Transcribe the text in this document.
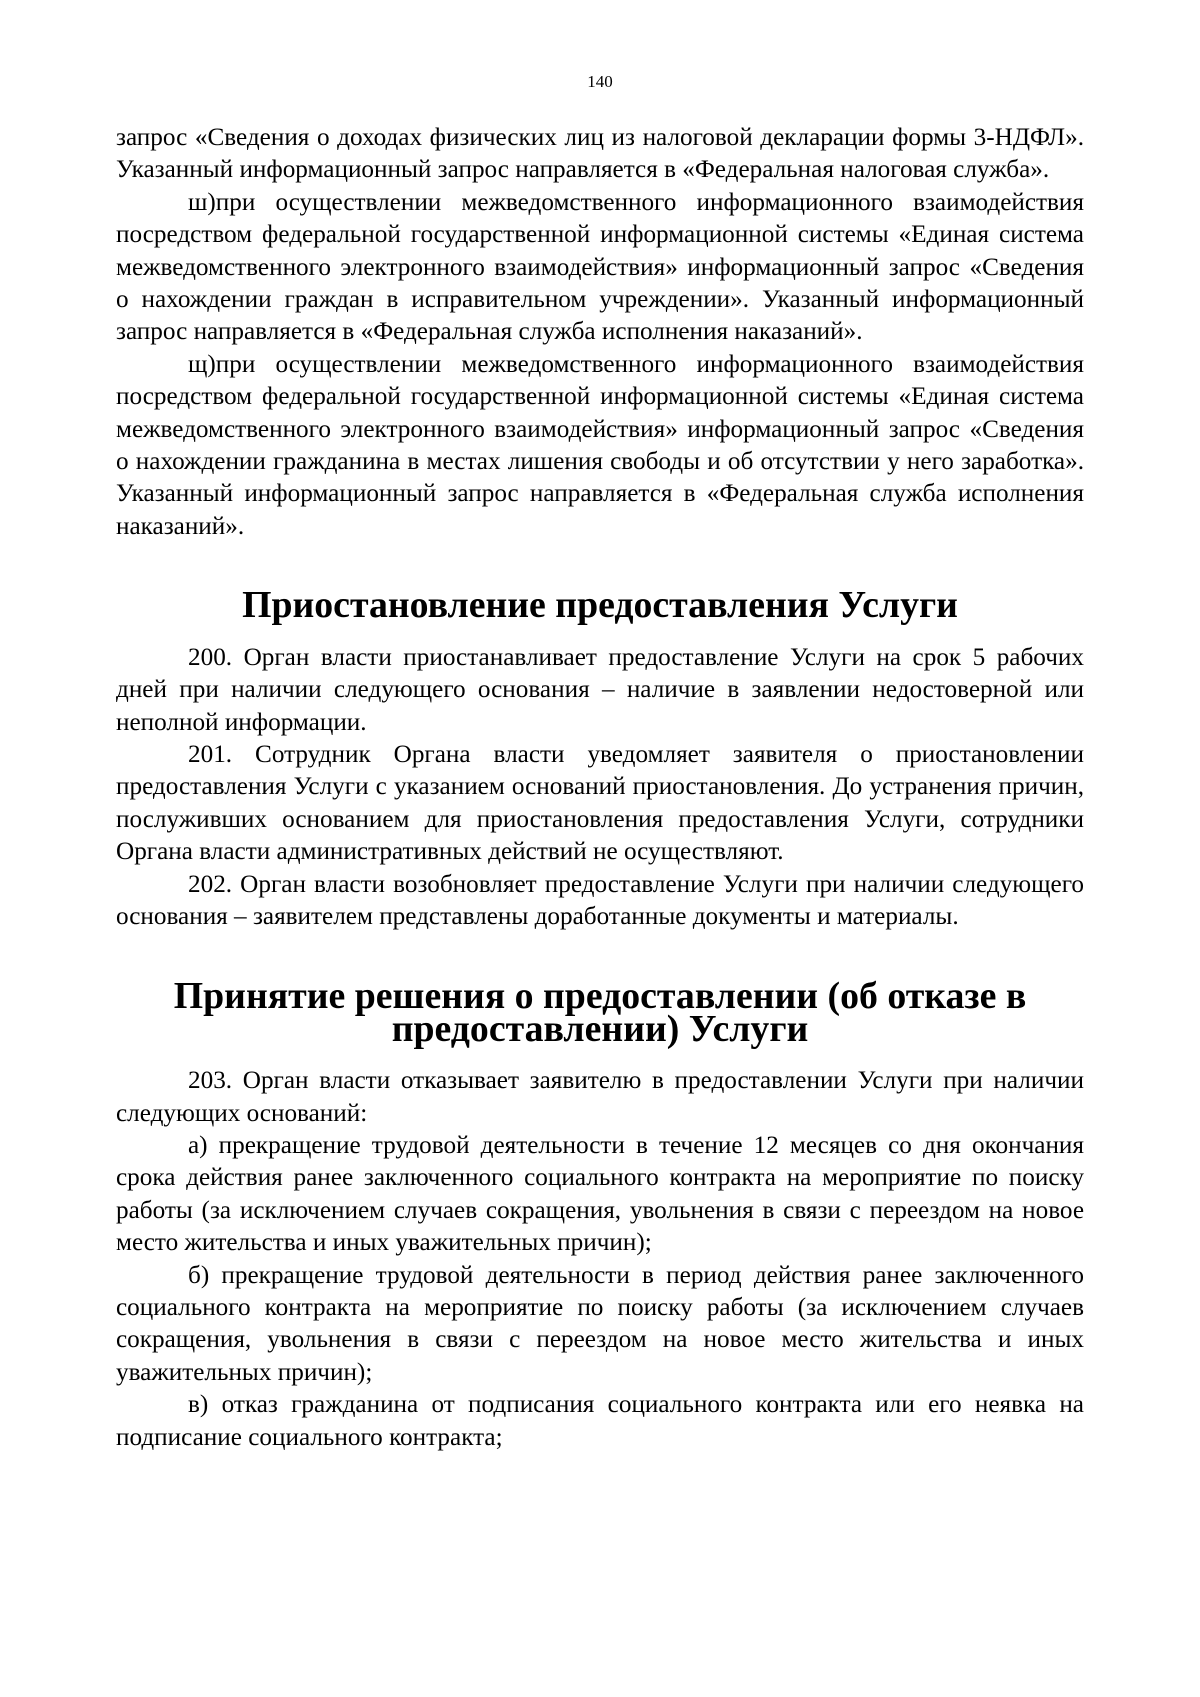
140

запрос «Сведения о доходах физических лиц из налоговой декларации формы 3-НДФЛ». Указанный информационный запрос направляется в «Федеральная налоговая служба».

ш)при осуществлении межведомственного информационного взаимодействия посредством федеральной государственной информационной системы «Единая система межведомственного электронного взаимодействия» информационный запрос «Сведения о нахождении граждан в исправительном учреждении». Указанный информационный запрос направляется в «Федеральная служба исполнения наказаний».

щ)при осуществлении межведомственного информационного взаимодействия посредством федеральной государственной информационной системы «Единая система межведомственного электронного взаимодействия» информационный запрос «Сведения о нахождении гражданина в местах лишения свободы и об отсутствии у него заработка». Указанный информационный запрос направляется в «Федеральная служба исполнения наказаний».

Приостановление предоставления Услуги

200. Орган власти приостанавливает предоставление Услуги на срок 5 рабочих дней при наличии следующего основания – наличие в заявлении недостоверной или неполной информации.

201. Сотрудник Органа власти уведомляет заявителя о приостановлении предоставления Услуги с указанием оснований приостановления. До устранения причин, послуживших основанием для приостановления предоставления Услуги, сотрудники Органа власти административных действий не осуществляют.

202. Орган власти возобновляет предоставление Услуги при наличии следующего основания – заявителем представлены доработанные документы и материалы.

Принятие решения о предоставлении (об отказе в предоставлении) Услуги

203. Орган власти отказывает заявителю в предоставлении Услуги при наличии следующих оснований:

а) прекращение трудовой деятельности в течение 12 месяцев со дня окончания срока действия ранее заключенного социального контракта на мероприятие по поиску работы (за исключением случаев сокращения, увольнения в связи с переездом на новое место жительства и иных уважительных причин);

б) прекращение трудовой деятельности в период действия ранее заключенного социального контракта на мероприятие по поиску работы (за исключением случаев сокращения, увольнения в связи с переездом на новое место жительства и иных уважительных причин);

в) отказ гражданина от подписания социального контракта или его неявка на подписание социального контракта;
